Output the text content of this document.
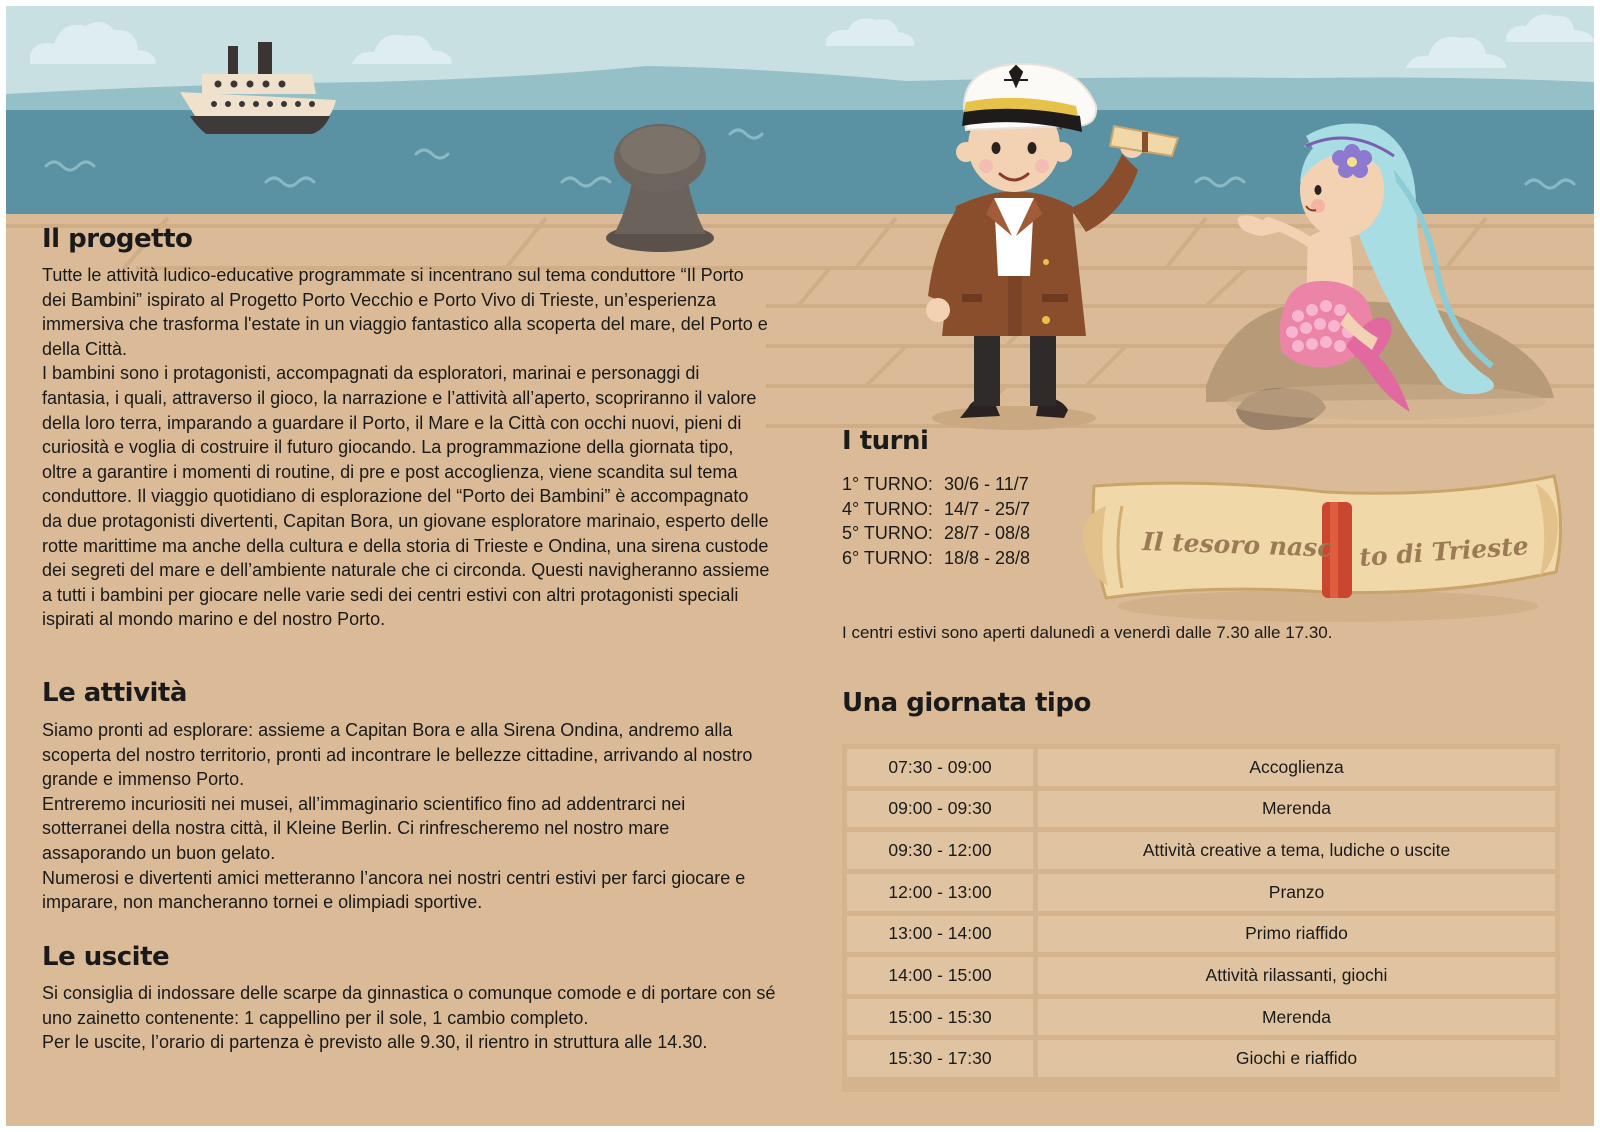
Il tesoro nasc to di Trieste
Il progetto

Tutte le attività ludico-educative programmate si incentrano sul tema conduttore “Il Porto dei Bambini” ispirato al Progetto Porto Vecchio e Porto Vivo di Trieste, un’esperienza immersiva che trasforma l'estate in un viaggio fantastico alla scoperta del mare, del Porto e della Città.

I bambini sono i protagonisti, accompagnati da esploratori, marinai e personaggi di fantasia, i quali, attraverso il gioco, la narrazione e l’attività all’aperto, scopriranno il valore della loro terra, imparando a guardare il Porto, il Mare e la Città con occhi nuovi, pieni di curiosità e voglia di costruire il futuro giocando. La programmazione della giornata tipo, oltre a garantire i momenti di routine, di pre e post accoglienza, viene scandita sul tema conduttore. Il viaggio quotidiano di esplorazione del “Porto dei Bambini” è accompagnato da due protagonisti divertenti, Capitan Bora, un giovane esploratore marinaio, esperto delle rotte marittime ma anche della cultura e della storia di Trieste e Ondina, una sirena custode dei segreti del mare e dell’ambiente naturale che ci circonda. Questi navigheranno assieme a tutti i bambini per giocare nelle varie sedi dei centri estivi con altri protagonisti speciali ispirati al mondo marino e del nostro Porto.

Le attività

Siamo pronti ad esplorare: assieme a Capitan Bora e alla Sirena Ondina, andremo alla scoperta del nostro territorio, pronti ad incontrare le bellezze cittadine, arrivando al nostro grande e immenso Porto.

Entreremo incuriositi nei musei, all’immaginario scientifico fino ad addentrarci nei sotterranei della nostra città, il Kleine Berlin. Ci rinfrescheremo nel nostro mare assaporando un buon gelato.

Numerosi e divertenti amici metteranno l’ancora nei nostri centri estivi per farci giocare e imparare, non mancheranno tornei e olimpiadi sportive.

Le uscite

Si consiglia di indossare delle scarpe da ginnastica o comunque comode e di portare con sé uno zainetto contenente: 1 cappellino per il sole, 1 cambio completo.

Per le uscite, l’orario di partenza è previsto alle 9.30, il rientro in struttura alle 14.30.

I turni
1° TURNO: 30/6 - 11/7
4° TURNO: 14/7 - 25/7
5° TURNO: 28/7 - 08/8
6° TURNO: 18/8 - 28/8

I centri estivi sono aperti dalunedì a venerdì dalle 7.30 alle 17.30.

Una giornata tipo
07:30 - 09:00	Accoglienza
09:00 - 09:30	Merenda
09:30 - 12:00	Attività creative a tema, ludiche o uscite
12:00 - 13:00	Pranzo
13:00 - 14:00	Primo riaffido
14:00 - 15:00	Attività rilassanti, giochi
15:00 - 15:30	Merenda
15:30 - 17:30	Giochi e riaffido
